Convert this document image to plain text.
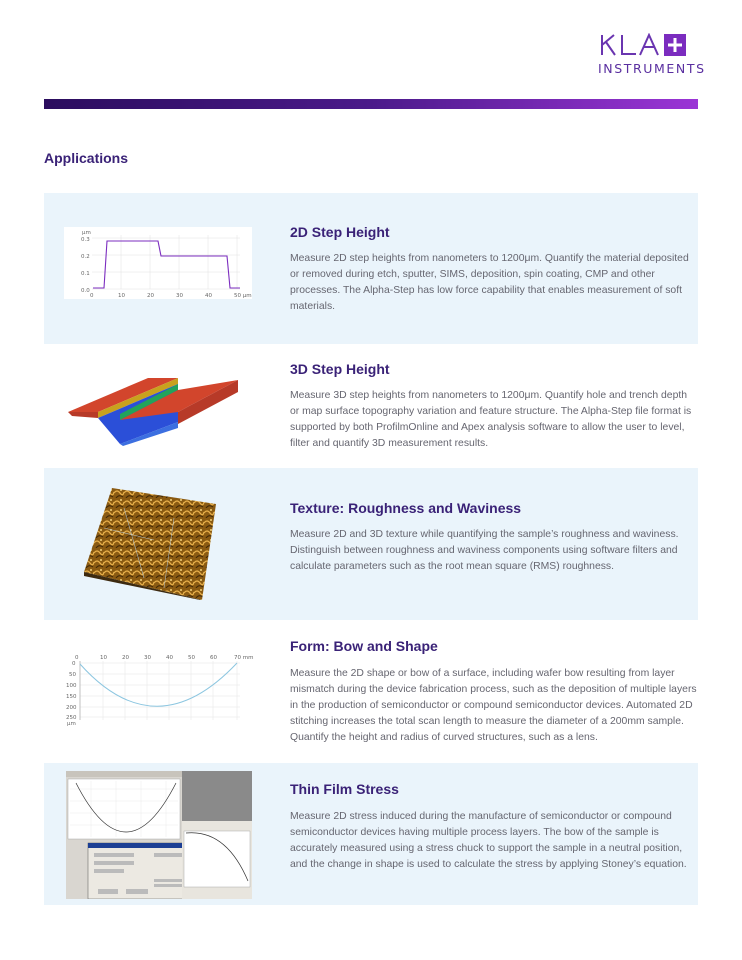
INSTRUMENTS
Applications
μm
0.3
0.2
0.1
0.0
0	10	20	30	40	50 μm
2D Step Height

Measure 2D step heights from nanometers to 1200μm. Quantify the material deposited or removed during etch, sputter, SIMS, deposition, spin coating, CMP and other processes. The Alpha-Step has low force capability that enables measurement of soft materials.

3D Step Height

Measure 3D step heights from nanometers to 1200μm. Quantify hole and trench depth or map surface topography variation and feature structure. The Alpha-Step file format is supported by both ProfilmOnline and Apex analysis software to allow the user to level, filter and quantify 3D measurement results.

Texture: Roughness and Waviness

Measure 2D and 3D texture while quantifying the sample’s roughness and waviness. Distinguish between roughness and waviness components using software filters and calculate parameters such as the root mean square (RMS) roughness.

0	10	20	30	40	50	60	70 mm
0
50
100
150
200
250
μm
Form: Bow and Shape

Measure the 2D shape or bow of a surface, including wafer bow resulting from layer mismatch during the device fabrication process, such as the deposition of multiple layers in the production of semiconductor or compound semiconductor devices. Automated 2D stitching increases the total scan length to measure the diameter of a 200mm sample. Quantify the height and radius of curved structures, such as a lens.

Thin Film Stress

Measure 2D stress induced during the manufacture of semiconductor or compound semiconductor devices having multiple process layers. The bow of the sample is accurately measured using a stress chuck to support the sample in a neutral position, and the change in shape is used to calculate the stress by applying Stoney’s equation.
